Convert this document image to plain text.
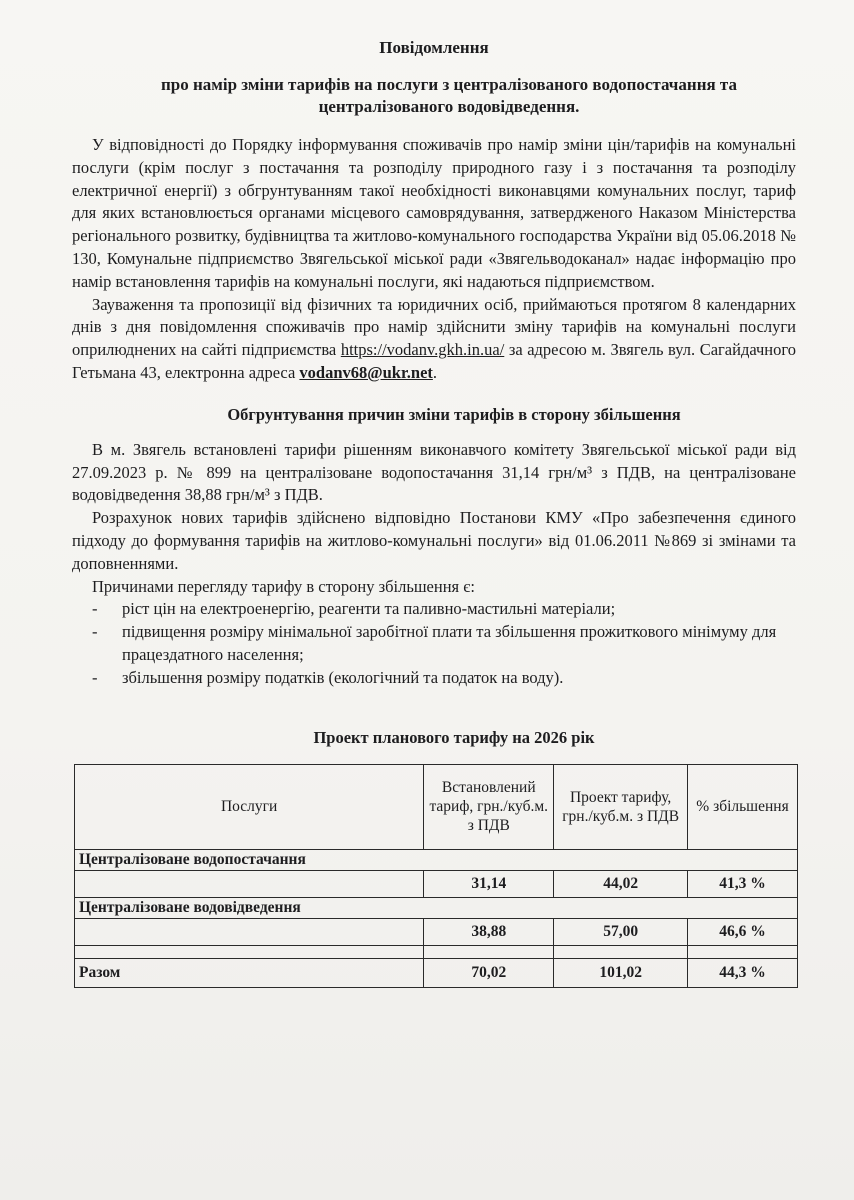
Повідомлення
про намір зміни тарифів на послуги з централізованого водопостачання та централізованого водовідведення.

У відповідності до Порядку інформування споживачів про намір зміни цін/тарифів на комунальні послуги (крім послуг з постачання та розподілу природного газу і з постачання та розподілу електричної енергії) з обгрунтуванням такої необхідності виконавцями комунальних послуг, тариф для яких встановлюється органами місцевого самоврядування, затвердженого Наказом Міністерства регіонального розвитку, будівництва та житлово-комунального господарства України від 05.06.2018 № 130, Комунальне підприємство Звягельської міської ради «Звягельводоканал» надає інформацію про намір встановлення тарифів на комунальні послуги, які надаються підприємством.

Зауваження та пропозиції від фізичних та юридичних осіб, приймаються протягом 8 календарних днів з дня повідомлення споживачів про намір здійснити зміну тарифів на комунальні послуги оприлюднених на сайті підприємства https://vodanv.gkh.in.ua/ за адресою м. Звягель вул. Сагайдачного Гетьмана 43, електронна адреса vodanv68@ukr.net.

Обгрунтування причин зміни тарифів в сторону збільшення

В м. Звягель встановлені тарифи рішенням виконавчого комітету Звягельської міської ради від 27.09.2023 р. № 899 на централізоване водопостачання 31,14 грн/м³ з ПДВ, на централізоване водовідведення 38,88 грн/м³ з ПДВ.

Розрахунок нових тарифів здійснено відповідно Постанови КМУ «Про забезпечення єдиного підходу до формування тарифів на житлово-комунальні послуги» від 01.06.2011 №869 зі змінами та доповненнями.

Причинами перегляду тарифу в сторону збільшення є:

-	ріст цін на електроенергію, реагенти та паливно-мастильні матеріали;
-	підвищення розміру мінімальної заробітної плати та збільшення прожиткового мінімуму для працездатного населення;
-	збільшення розміру податків (екологічний та податок на воду).
Проект планового тарифу на 2026 рік
Послуги	Встановлений тариф, грн./куб.м. з ПДВ	Проект тарифу, грн./куб.м. з ПДВ	% збільшення
Централізоване водопостачання			
	31,14	44,02	41,3 %
Централізоване водовідведення			
	38,88	57,00	46,6 %

Разом	70,02	101,02	44,3 %
